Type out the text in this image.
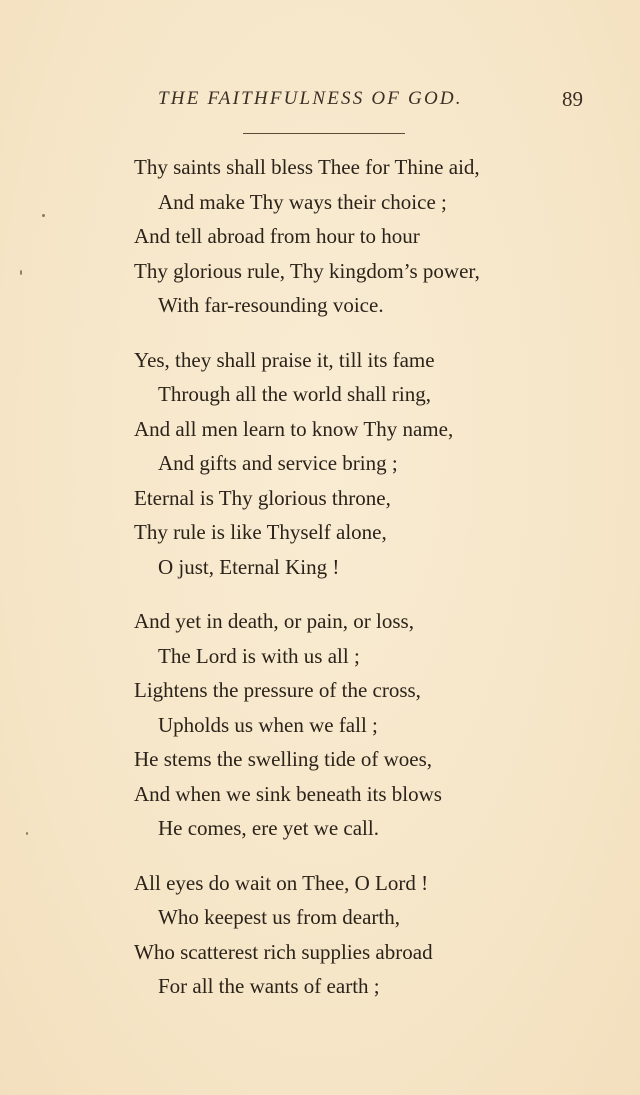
THE FAITHFULNESS OF GOD.	89
Thy saints shall bless Thee for Thine aid,
And make Thy ways their choice ;
And tell abroad from hour to hour
Thy glorious rule, Thy kingdom’s power,
With far-resounding voice.
Yes, they shall praise it, till its fame
Through all the world shall ring,
And all men learn to know Thy name,
And gifts and service bring ;
Eternal is Thy glorious throne,
Thy rule is like Thyself alone,
O just, Eternal King !
And yet in death, or pain, or loss,
The Lord is with us all ;
Lightens the pressure of the cross,
Upholds us when we fall ;
He stems the swelling tide of woes,
And when we sink beneath its blows
He comes, ere yet we call.
All eyes do wait on Thee, O Lord !
Who keepest us from dearth,
Who scatterest rich supplies abroad
For all the wants of earth ;
